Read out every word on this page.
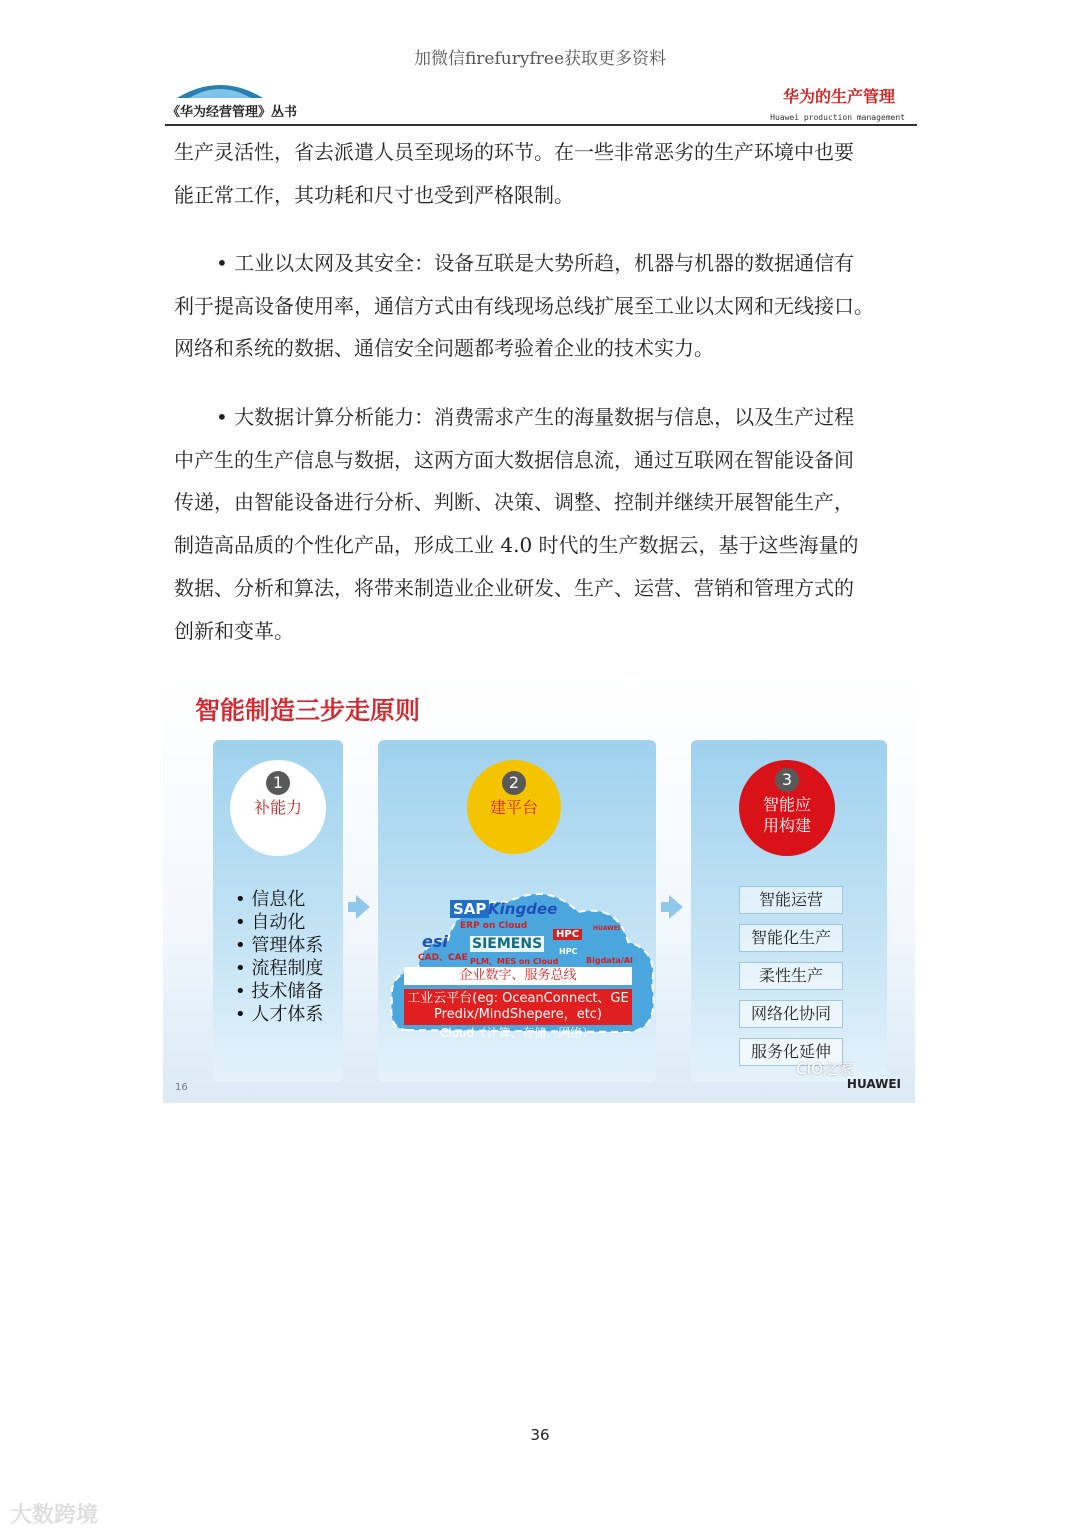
加微信firefuryfree获取更多资料
《华为经营管理》丛书
华为的生产管理
Huawei production management

生产灵活性，省去派遣人员至现场的环节。在一些非常恶劣的生产环境中也要

能正常工作，其功耗和尺寸也受到严格限制。

• 工业以太网及其安全：设备互联是大势所趋，机器与机器的数据通信有

利于提高设备使用率，通信方式由有线现场总线扩展至工业以太网和无线接口。

网络和系统的数据、通信安全问题都考验着企业的技术实力。

• 大数据计算分析能力：消费需求产生的海量数据与信息，以及生产过程

中产生的生产信息与数据，这两方面大数据信息流，通过互联网在智能设备间

传递，由智能设备进行分析、判断、决策、调整、控制并继续开展智能生产，

制造高品质的个性化产品，形成工业 4.0 时代的生产数据云，基于这些海量的

数据、分析和算法，将带来制造业企业研发、生产、运营、营销和管理方式的

创新和变革。

智能制造三步走原则
1
补能力
• 信息化
• 自动化
• 管理体系
• 流程制度
• 技术储备
• 人才体系
2
建平台
SAP Kingdee
ERP on Cloud
esi
CAD、CAE
SIEMENS
PLM、MES on Cloud
HPC
HPC
HUAWEI
Bigdata/AI
企业数字、服务总线
工业云平台(eg: OceanConnect、GE
Predix/MindShepere，etc)
Cloud（计算、存储、网络）
3
智能应
用构建
智能运营
智能化生产
柔性生产
网络化协同
服务化延伸
16
CIO之家
HUAWEI
36
大数跨境
